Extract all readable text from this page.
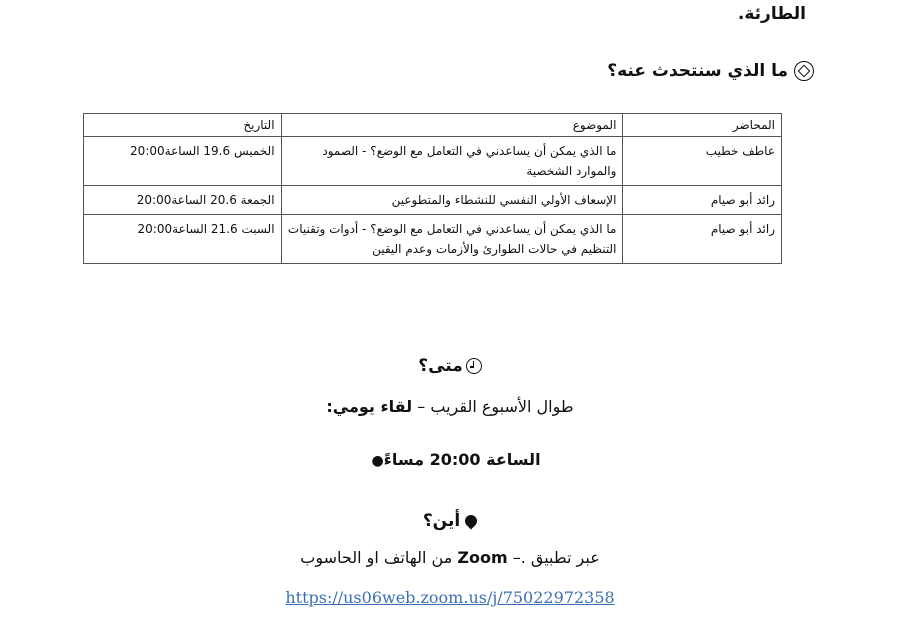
الطارئة.
ما الذي سنتحدث عنه؟
المحاضر	الموضوع	التاريخ
عاطف خطيب	ما الذي يمكن أن يساعدني في التعامل مع الوضع؟ - الصمود والموارد الشخصية	الخميس 19.6 الساعة20:00
رائد أبو صيام	الإسعاف الأولي النفسي للنشطاء والمتطوعين	الجمعة 20.6 الساعة20:00
رائد أبو صيام	ما الذي يمكن أن يساعدني في التعامل مع الوضع؟ - أدوات وتقنيات التنظيم في حالات الطوارئ والأزمات وعدم اليقين	السبت 21.6 الساعة20:00
متى؟
طوال الأسبوع القريب – لقاء يومي:
الساعة 20:00 مساءً●
أين؟
عبر تطبيق .– Zoom من الهاتف او الحاسوب
https://us06web.zoom.us/j/75022972358
